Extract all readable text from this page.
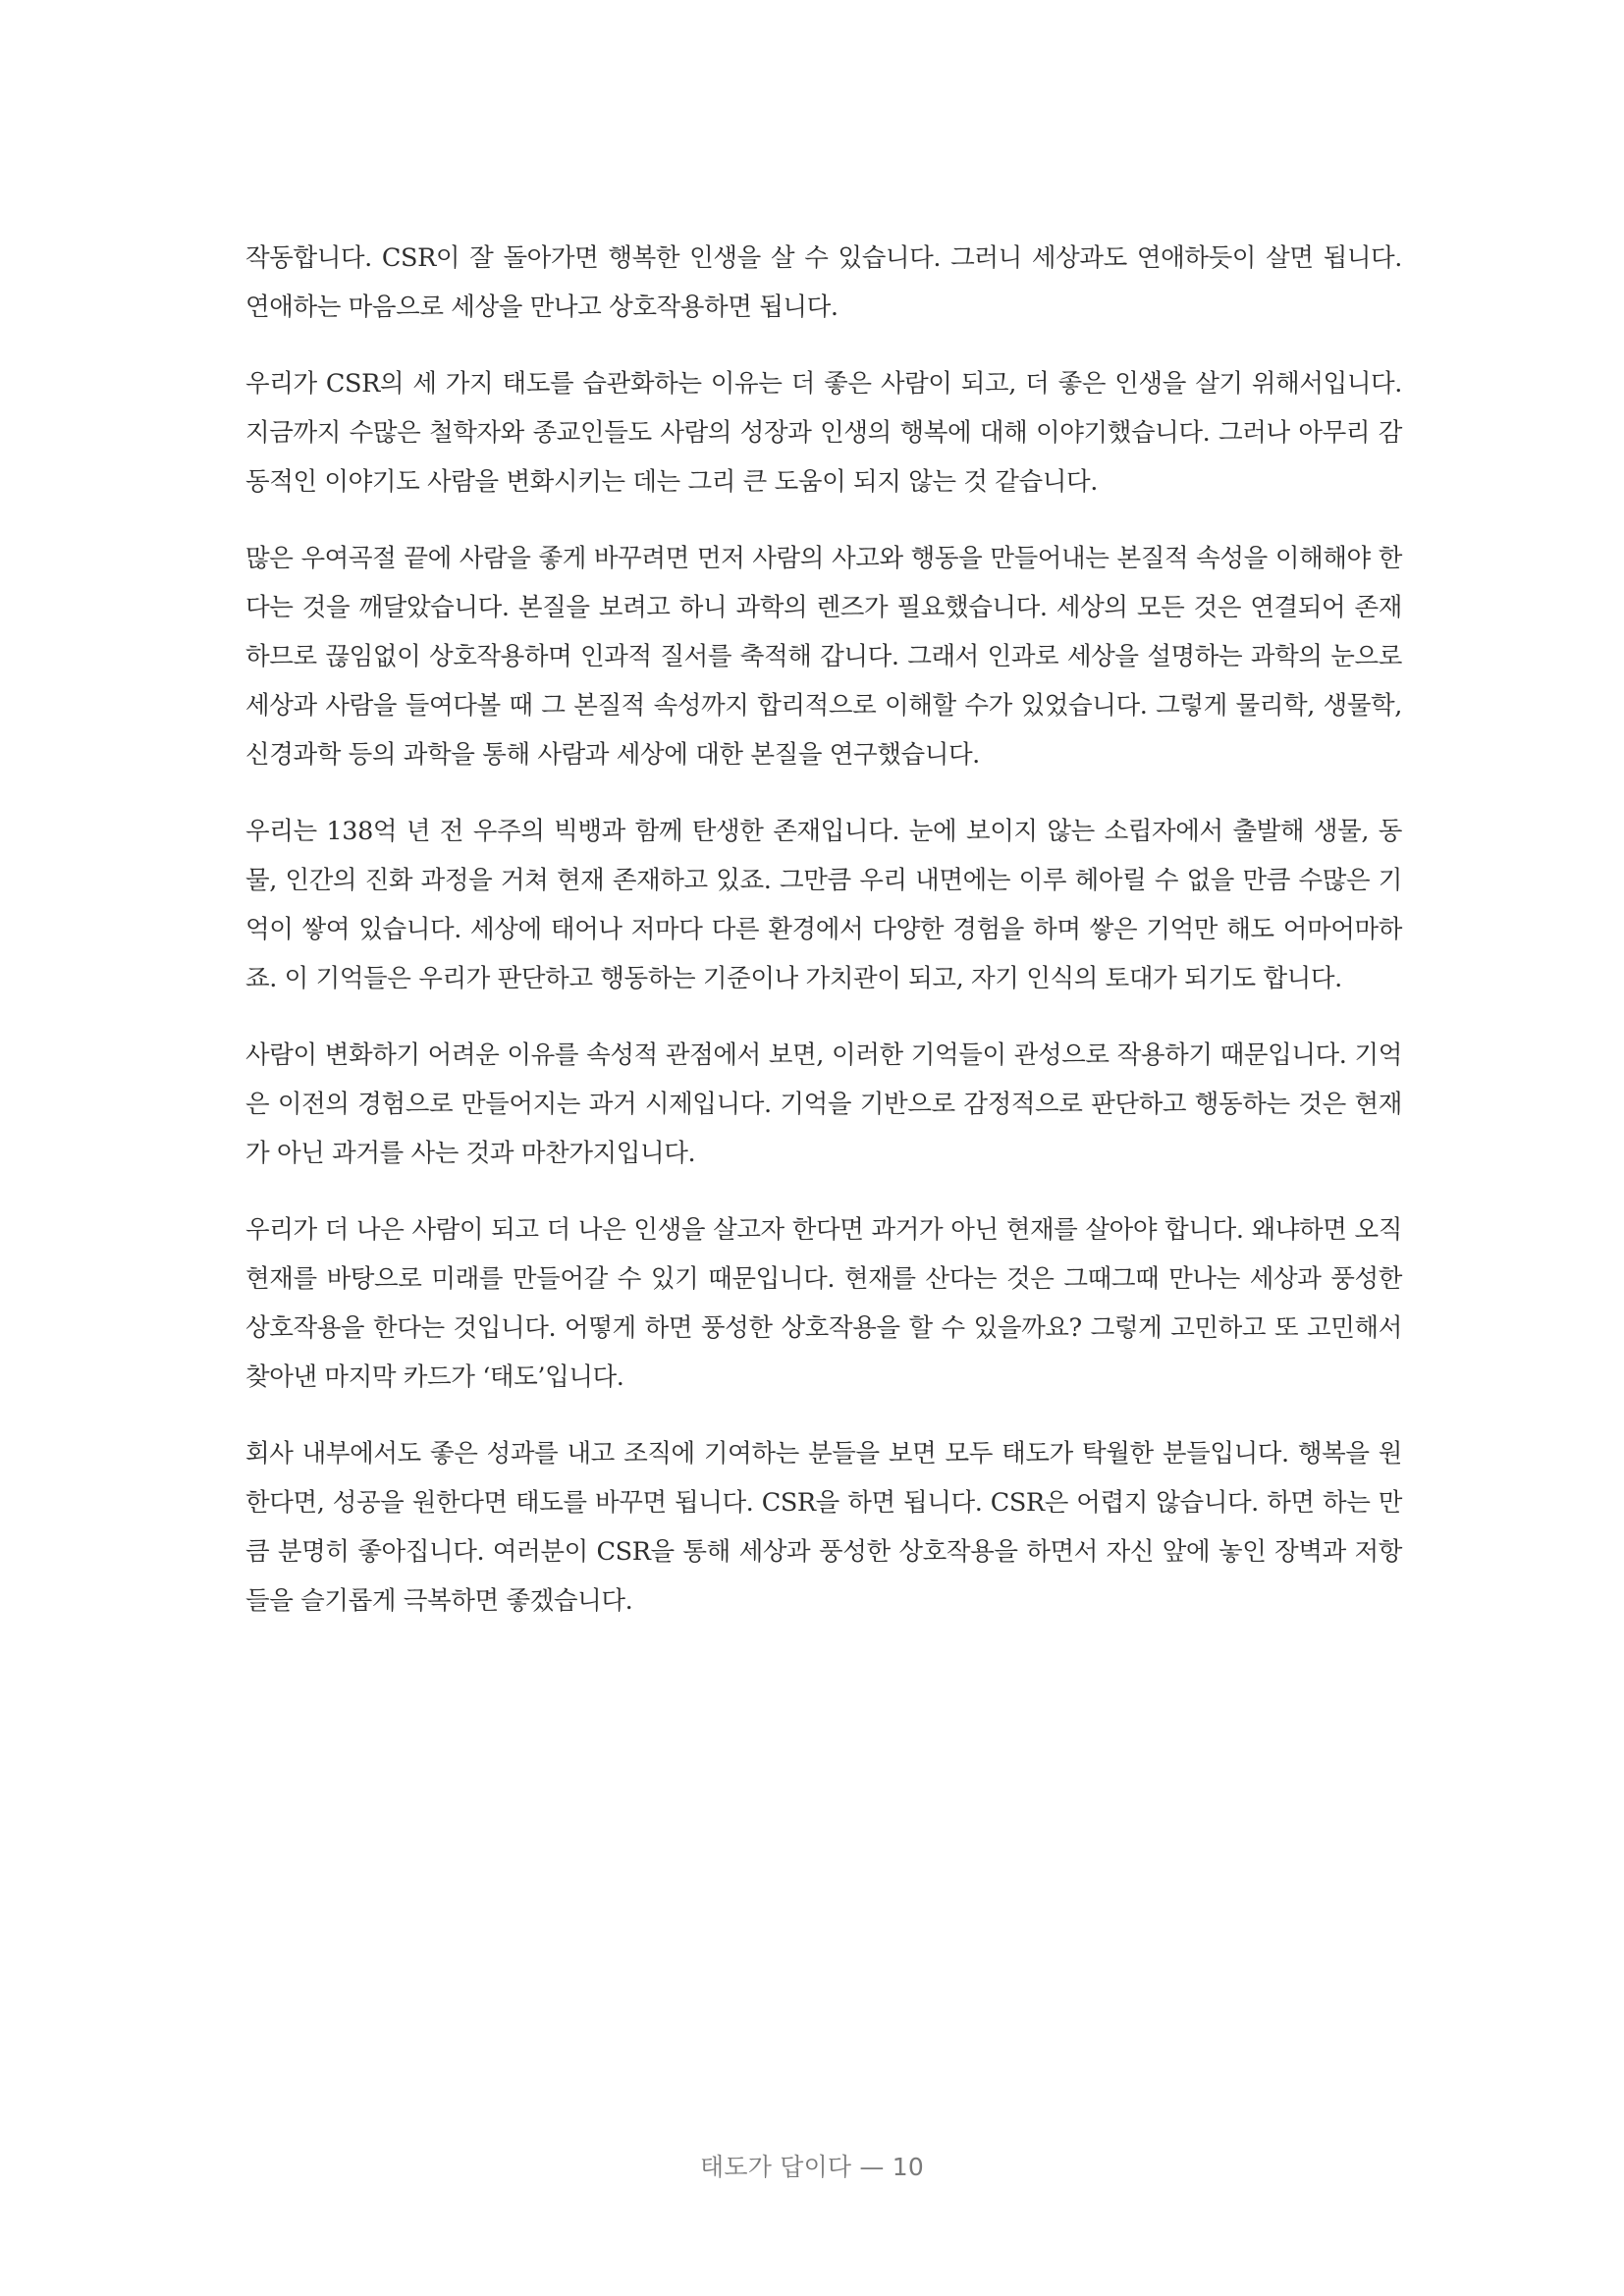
작동합니다. CSR이 잘 돌아가면 행복한 인생을 살 수 있습니다. 그러니 세상과도 연애하듯이 살면 됩니다. 연애하는 마음으로 세상을 만나고 상호작용하면 됩니다.

우리가 CSR의 세 가지 태도를 습관화하는 이유는 더 좋은 사람이 되고, 더 좋은 인생을 살기 위해서입니다. 지금까지 수많은 철학자와 종교인들도 사람의 성장과 인생의 행복에 대해 이야기했습니다. 그러나 아무리 감동적인 이야기도 사람을 변화시키는 데는 그리 큰 도움이 되지 않는 것 같습니다.

많은 우여곡절 끝에 사람을 좋게 바꾸려면 먼저 사람의 사고와 행동을 만들어내는 본질적 속성을 이해해야 한다는 것을 깨달았습니다. 본질을 보려고 하니 과학의 렌즈가 필요했습니다. 세상의 모든 것은 연결되어 존재하므로 끊임없이 상호작용하며 인과적 질서를 축적해 갑니다. 그래서 인과로 세상을 설명하는 과학의 눈으로 세상과 사람을 들여다볼 때 그 본질적 속성까지 합리적으로 이해할 수가 있었습니다. 그렇게 물리학, 생물학, 신경과학 등의 과학을 통해 사람과 세상에 대한 본질을 연구했습니다.

우리는 138억 년 전 우주의 빅뱅과 함께 탄생한 존재입니다. 눈에 보이지 않는 소립자에서 출발해 생물, 동물, 인간의 진화 과정을 거쳐 현재 존재하고 있죠. 그만큼 우리 내면에는 이루 헤아릴 수 없을 만큼 수많은 기억이 쌓여 있습니다. 세상에 태어나 저마다 다른 환경에서 다양한 경험을 하며 쌓은 기억만 해도 어마어마하죠. 이 기억들은 우리가 판단하고 행동하는 기준이나 가치관이 되고, 자기 인식의 토대가 되기도 합니다.

사람이 변화하기 어려운 이유를 속성적 관점에서 보면, 이러한 기억들이 관성으로 작용하기 때문입니다. 기억은 이전의 경험으로 만들어지는 과거 시제입니다. 기억을 기반으로 감정적으로 판단하고 행동하는 것은 현재가 아닌 과거를 사는 것과 마찬가지입니다.

우리가 더 나은 사람이 되고 더 나은 인생을 살고자 한다면 과거가 아닌 현재를 살아야 합니다. 왜냐하면 오직 현재를 바탕으로 미래를 만들어갈 수 있기 때문입니다. 현재를 산다는 것은 그때그때 만나는 세상과 풍성한 상호작용을 한다는 것입니다. 어떻게 하면 풍성한 상호작용을 할 수 있을까요? 그렇게 고민하고 또 고민해서 찾아낸 마지막 카드가 ‘태도’입니다.

회사 내부에서도 좋은 성과를 내고 조직에 기여하는 분들을 보면 모두 태도가 탁월한 분들입니다. 행복을 원한다면, 성공을 원한다면 태도를 바꾸면 됩니다. CSR을 하면 됩니다. CSR은 어렵지 않습니다. 하면 하는 만큼 분명히 좋아집니다. 여러분이 CSR을 통해 세상과 풍성한 상호작용을 하면서 자신 앞에 놓인 장벽과 저항들을 슬기롭게 극복하면 좋겠습니다.

태도가 답이다 — 10
